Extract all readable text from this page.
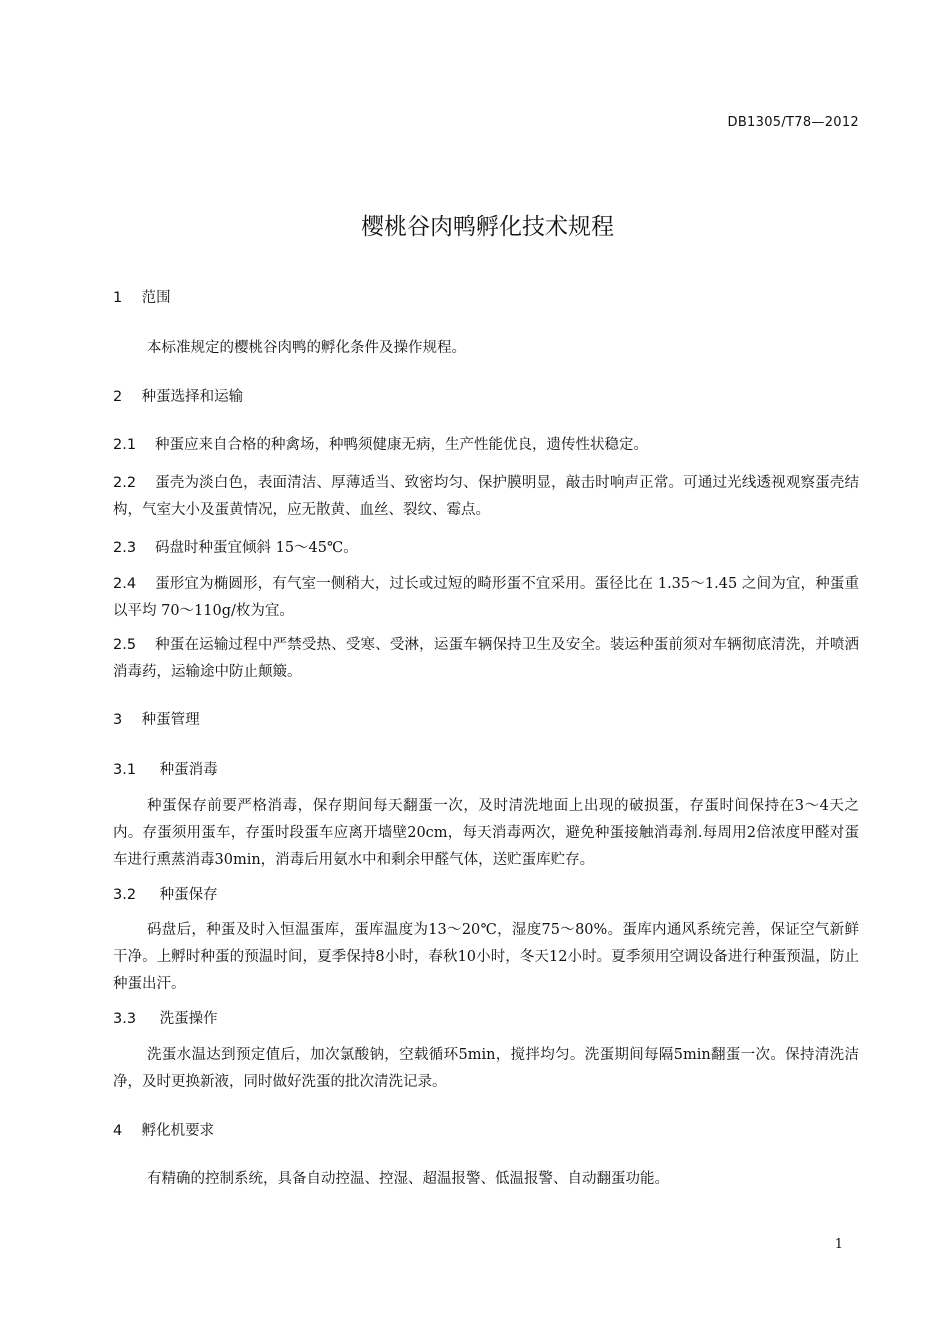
DB1305/T78—2012
樱桃谷肉鸭孵化技术规程
1 范围
本标准规定的樱桃谷肉鸭的孵化条件及操作规程。
2 种蛋选择和运输
2.1 种蛋应来自合格的种禽场，种鸭须健康无病，生产性能优良，遗传性状稳定。
2.2 蛋壳为淡白色，表面清洁、厚薄适当、致密均匀、保护膜明显，敲击时响声正常。可通过光线透视观察蛋壳结构，气室大小及蛋黄情况，应无散黄、血丝、裂纹、霉点。
2.3 码盘时种蛋宜倾斜 15～45℃。
2.4 蛋形宜为椭圆形，有气室一侧稍大，过长或过短的畸形蛋不宜采用。蛋径比在 1.35～1.45 之间为宜，种蛋重以平均 70～110g/枚为宜。
2.5 种蛋在运输过程中严禁受热、受寒、受淋，运蛋车辆保持卫生及安全。装运种蛋前须对车辆彻底清洗，并喷洒消毒药，运输途中防止颠簸。
3 种蛋管理
3.1 种蛋消毒
种蛋保存前要严格消毒，保存期间每天翻蛋一次，及时清洗地面上出现的破损蛋，存蛋时间保持在3～4天之内。存蛋须用蛋车，存蛋时段蛋车应离开墙壁20cm，每天消毒两次，避免种蛋接触消毒剂.每周用2倍浓度甲醛对蛋车进行熏蒸消毒30min，消毒后用氨水中和剩余甲醛气体，送贮蛋库贮存。
3.2 种蛋保存
码盘后，种蛋及时入恒温蛋库，蛋库温度为13～20℃，湿度75～80%。蛋库内通风系统完善，保证空气新鲜干净。上孵时种蛋的预温时间，夏季保持8小时，春秋10小时，冬天12小时。夏季须用空调设备进行种蛋预温，防止种蛋出汗。
3.3 洗蛋操作
洗蛋水温达到预定值后，加次氯酸钠，空载循环5min，搅拌均匀。洗蛋期间每隔5min翻蛋一次。保持清洗洁净，及时更换新液，同时做好洗蛋的批次清洗记录。
4 孵化机要求
有精确的控制系统，具备自动控温、控湿、超温报警、低温报警、自动翻蛋功能。
1
